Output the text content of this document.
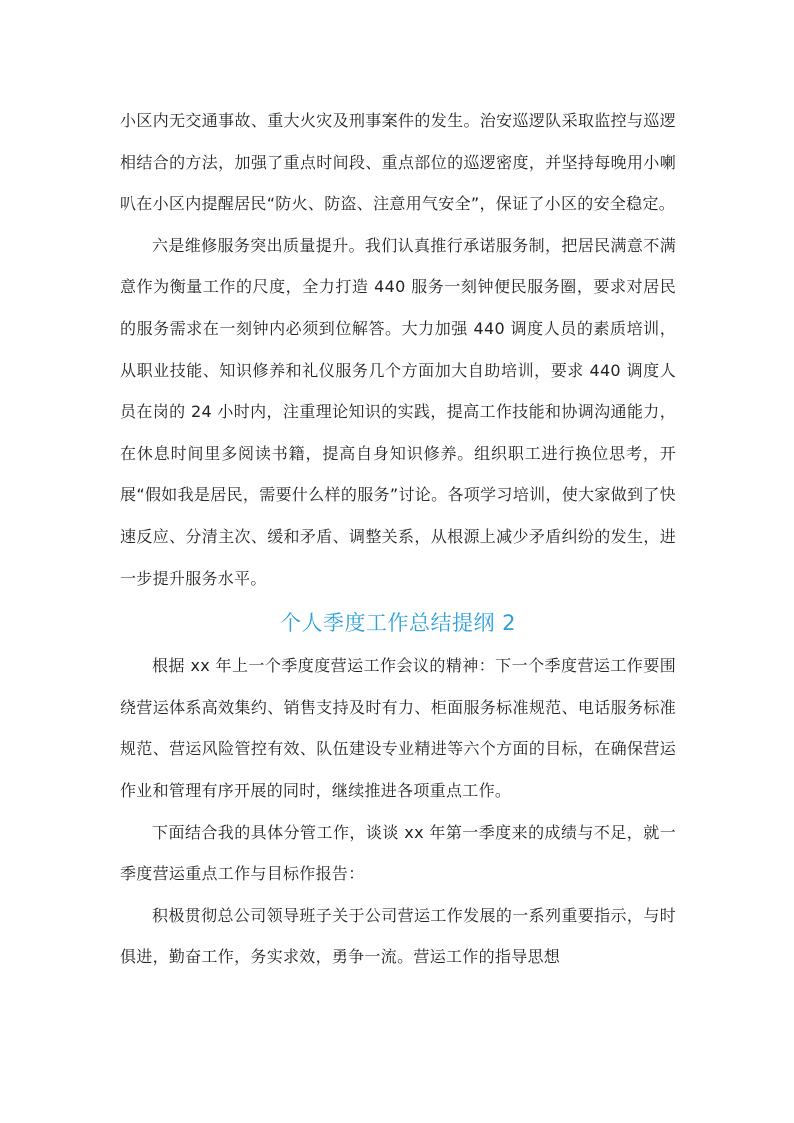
小区内无交通事故、重大火灾及刑事案件的发生。治安巡逻队采取监控与巡逻相结合的方法，加强了重点时间段、重点部位的巡逻密度，并坚持每晚用小喇叭在小区内提醒居民“防火、防盗、注意用气安全”，保证了小区的安全稳定。

六是维修服务突出质量提升。我们认真推行承诺服务制，把居民满意不满意作为衡量工作的尺度，全力打造 440 服务一刻钟便民服务圈，要求对居民的服务需求在一刻钟内必须到位解答。大力加强 440 调度人员的素质培训，从职业技能、知识修养和礼仪服务几个方面加大自助培训，要求 440 调度人员在岗的 24 小时内，注重理论知识的实践，提高工作技能和协调沟通能力，在休息时间里多阅读书籍，提高自身知识修养。组织职工进行换位思考，开展“假如我是居民，需要什么样的服务”讨论。各项学习培训，使大家做到了快速反应、分清主次、缓和矛盾、调整关系，从根源上减少矛盾纠纷的发生，进一步提升服务水平。

个人季度工作总结提纲 2

根据 xx 年上一个季度度营运工作会议的精神：下一个季度营运工作要围绕营运体系高效集约、销售支持及时有力、柜面服务标准规范、电话服务标准规范、营运风险管控有效、队伍建设专业精进等六个方面的目标，在确保营运作业和管理有序开展的同时，继续推进各项重点工作。

下面结合我的具体分管工作，谈谈 xx 年第一季度来的成绩与不足，就一季度营运重点工作与目标作报告：

积极贯彻总公司领导班子关于公司营运工作发展的一系列重要指示，与时俱进，勤奋工作，务实求效，勇争一流。营运工作的指导思想
